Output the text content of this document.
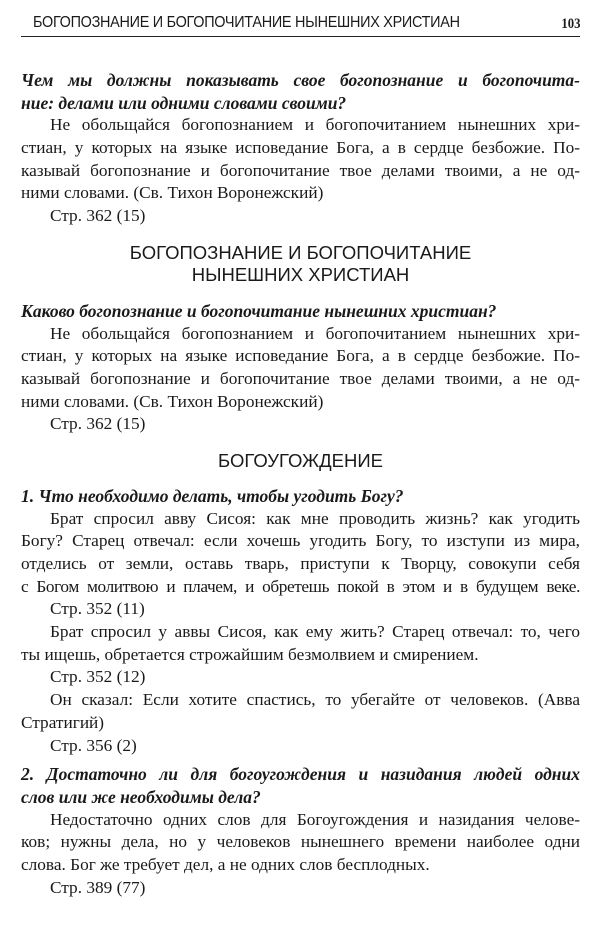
БОГОПОЗНАНИЕ И БОГОПОЧИТАНИЕ НЫНЕШНИХ ХРИСТИАН	103
Чем мы должны показывать свое богопознание и богопочита-
ние: делами или одними словами своими?
Не обольщайся богопознанием и богопочитанием нынешних хри-
стиан, у которых на языке исповедание Бога, а в сердце безбожие. По-
казывай богопознание и богопочитание твое делами твоими, а не од-
ними словами. (Св. Тихон Воронежский)
Стр. 362 (15)
БОГОПОЗНАНИЕ И БОГОПОЧИТАНИЕ
НЫНЕШНИХ ХРИСТИАН
Каково богопознание и богопочитание нынешних христиан?
Не обольщайся богопознанием и богопочитанием нынешних хри-
стиан, у которых на языке исповедание Бога, а в сердце безбожие. По-
казывай богопознание и богопочитание твое делами твоими, а не од-
ними словами. (Св. Тихон Воронежский)
Стр. 362 (15)
БОГОУГОЖДЕНИЕ
1. Что необходимо делать, чтобы угодить Богу?
Брат спросил авву Сисоя: как мне проводить жизнь? как угодить
Богу? Старец отвечал: если хочешь угодить Богу, то изступи из мира,
отделись от земли, оставь тварь, приступи к Творцу, совокупи себя
с Богом молитвою и плачем, и обретешь покой в этом и в будущем веке.
Стр. 352 (11)
Брат спросил у аввы Сисоя, как ему жить? Старец отвечал: то, чего
ты ищешь, обретается строжайшим безмолвием и смирением.
Стр. 352 (12)
Он сказал: Если хотите спастись, то убегайте от человеков. (Авва
Стратигий)
Стр. 356 (2)
2. Достаточно ли для богоугождения и назидания людей одних
слов или же необходимы дела?
Недостаточно одних слов для Богоугождения и назидания челове-
ков; нужны дела, но у человеков нынешнего времени наиболее одни
слова. Бог же требует дел, а не одних слов бесплодных.
Стр. 389 (77)
